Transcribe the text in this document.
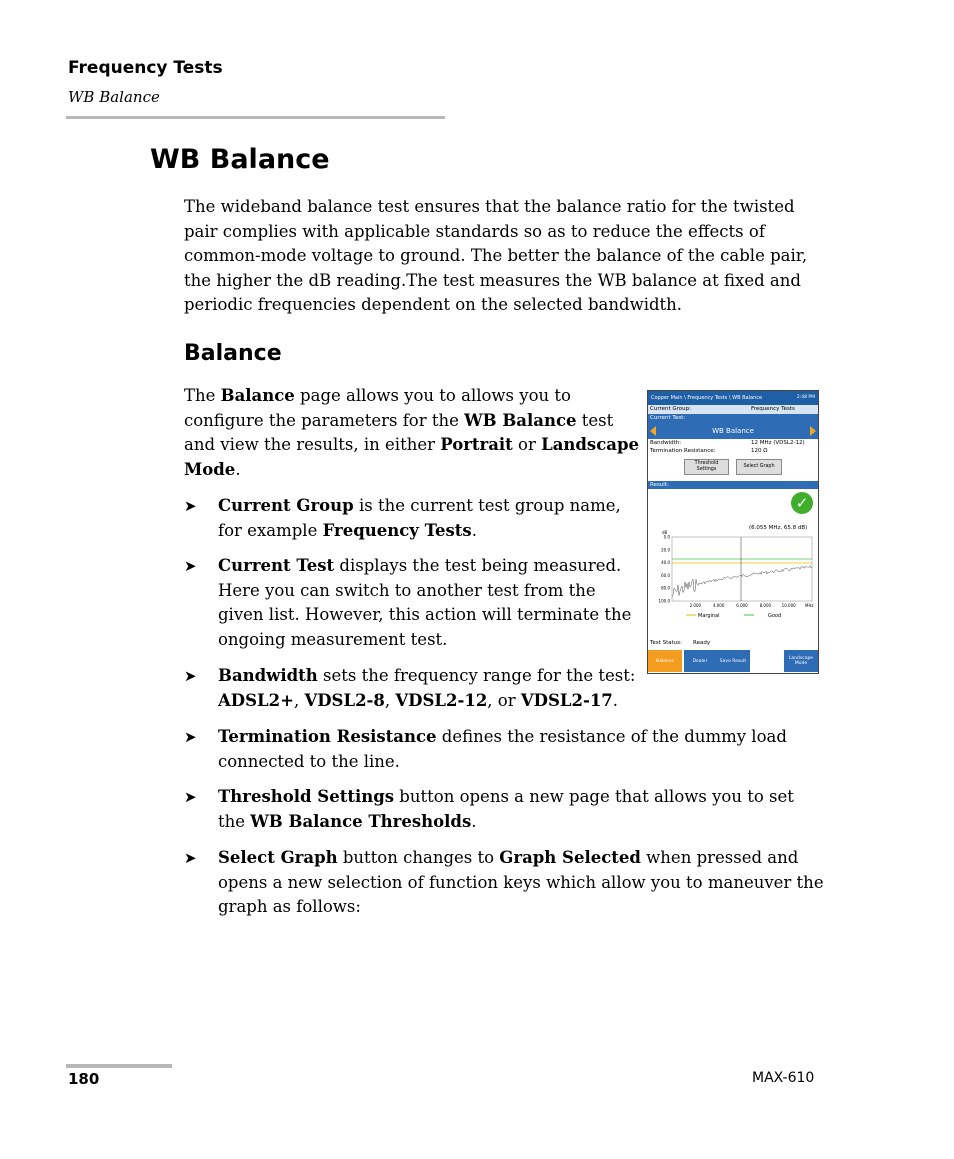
Frequency Tests
WB Balance
WB Balance
The wideband balance test ensures that the balance ratio for the twisted pair complies with applicable standards so as to reduce the effects of common-mode voltage to ground. The better the balance of the cable pair, the higher the dB reading.The test measures the WB balance at fixed and periodic frequencies dependent on the selected bandwidth.
Balance
The Balance page allows you to allows you to configure the parameters for the WB Balance test and view the results, in either Portrait or Landscape Mode.
➤ Current Group is the current test group name, for example Frequency Tests.
➤ Current Test displays the test being measured. Here you can switch to another test from the given list. However, this action will terminate the ongoing measurement test.
➤ Bandwidth sets the frequency range for the test: ADSL2+, VDSL2-8, VDSL2-12, or VDSL2-17.
➤ Termination Resistance defines the resistance of the dummy load connected to the line.
➤ Threshold Settings button opens a new page that allows you to set the WB Balance Thresholds.
➤ Select Graph button changes to Graph Selected when pressed and opens a new selection of function keys which allow you to maneuver the graph as follows:
Copper Main \ Frequency Tests \ WB Balance	2:48 PM
Current Group:	Frequency Tests
Current Test:
WB Balance
Bandwidth:	12 MHz (VDSL2-12)
Termination Resistance:	120 Ω
Threshold Settings
Select Graph
Result:
✓
(6.055 MHz, 65.8 dB)
dB
0.0
20.0
40.0
60.0
80.0
100.0
2.000	4.000	6.000	8.000	10.000 MHz
Marginal	Good
Test Status: Ready
Balance	Dealer	Save Result	Landscape Mode
180	MAX-610
